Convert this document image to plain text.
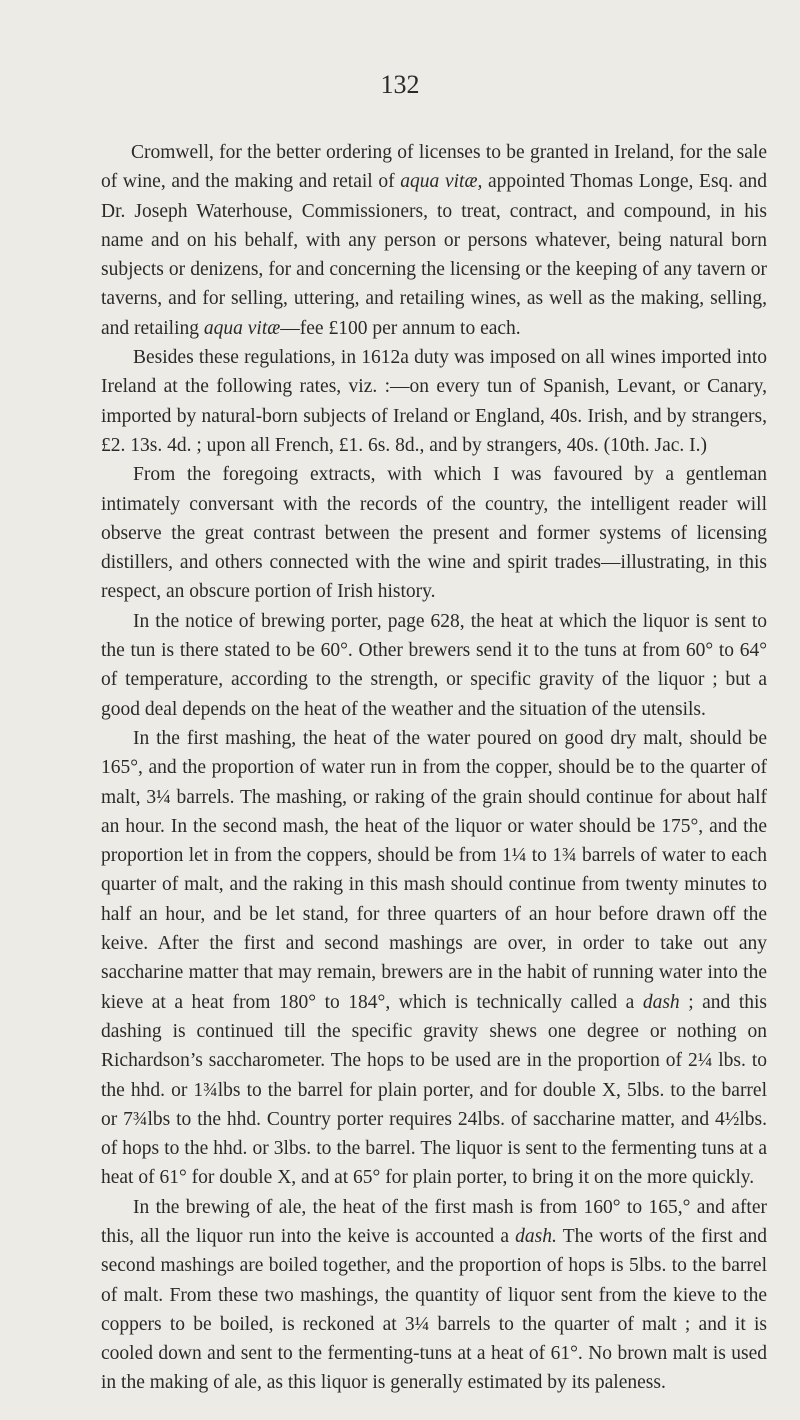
132

Cromwell, for the better ordering of licenses to be granted in Ireland, for the sale of wine, and the making and retail of aqua vitæ, appointed Thomas Longe, Esq. and Dr. Joseph Waterhouse, Commissioners, to treat, contract, and compound, in his name and on his behalf, with any person or persons whatever, being natural born subjects or denizens, for and concerning the licensing or the keeping of any tavern or taverns, and for selling, uttering, and retailing wines, as well as the making, selling, and retailing aqua vitæ—fee £100 per annum to each.

Besides these regulations, in 1612a duty was imposed on all wines imported into Ireland at the following rates, viz. :—on every tun of Spanish, Levant, or Canary, imported by natural-born subjects of Ireland or England, 40s. Irish, and by strangers, £2. 13s. 4d. ; upon all French, £1. 6s. 8d., and by strangers, 40s. (10th. Jac. I.)

From the foregoing extracts, with which I was favoured by a gentleman intimately conversant with the records of the country, the intelligent reader will observe the great contrast between the present and former systems of licensing distillers, and others connected with the wine and spirit trades—illustrating, in this respect, an obscure portion of Irish history.

In the notice of brewing porter, page 628, the heat at which the liquor is sent to the tun is there stated to be 60°. Other brewers send it to the tuns at from 60° to 64° of temperature, according to the strength, or specific gravity of the liquor ; but a good deal depends on the heat of the weather and the situation of the utensils.

In the first mashing, the heat of the water poured on good dry malt, should be 165°, and the proportion of water run in from the copper, should be to the quarter of malt, 3¼ barrels. The mashing, or raking of the grain should continue for about half an hour. In the second mash, the heat of the liquor or water should be 175°, and the proportion let in from the coppers, should be from 1¼ to 1¾ barrels of water to each quarter of malt, and the raking in this mash should continue from twenty minutes to half an hour, and be let stand, for three quarters of an hour before drawn off the keive. After the first and second mashings are over, in order to take out any saccharine matter that may remain, brewers are in the habit of running water into the kieve at a heat from 180° to 184°, which is technically called a dash ; and this dashing is continued till the specific gravity shews one degree or nothing on Richardson’s saccharometer. The hops to be used are in the proportion of 2¼ lbs. to the hhd. or 1¾lbs to the barrel for plain porter, and for double X, 5lbs. to the barrel or 7¾lbs to the hhd. Country porter requires 24lbs. of saccharine matter, and 4½lbs. of hops to the hhd. or 3lbs. to the barrel. The liquor is sent to the fermenting tuns at a heat of 61° for double X, and at 65° for plain porter, to bring it on the more quickly.

In the brewing of ale, the heat of the first mash is from 160° to 165,° and after this, all the liquor run into the keive is accounted a dash. The worts of the first and second mashings are boiled together, and the proportion of hops is 5lbs. to the barrel of malt. From these two mashings, the quantity of liquor sent from the kieve to the coppers to be boiled, is reckoned at 3¼ barrels to the quarter of malt ; and it is cooled down and sent to the fermenting-tuns at a heat of 61°. No brown malt is used in the making of ale, as this liquor is generally estimated by its paleness.
